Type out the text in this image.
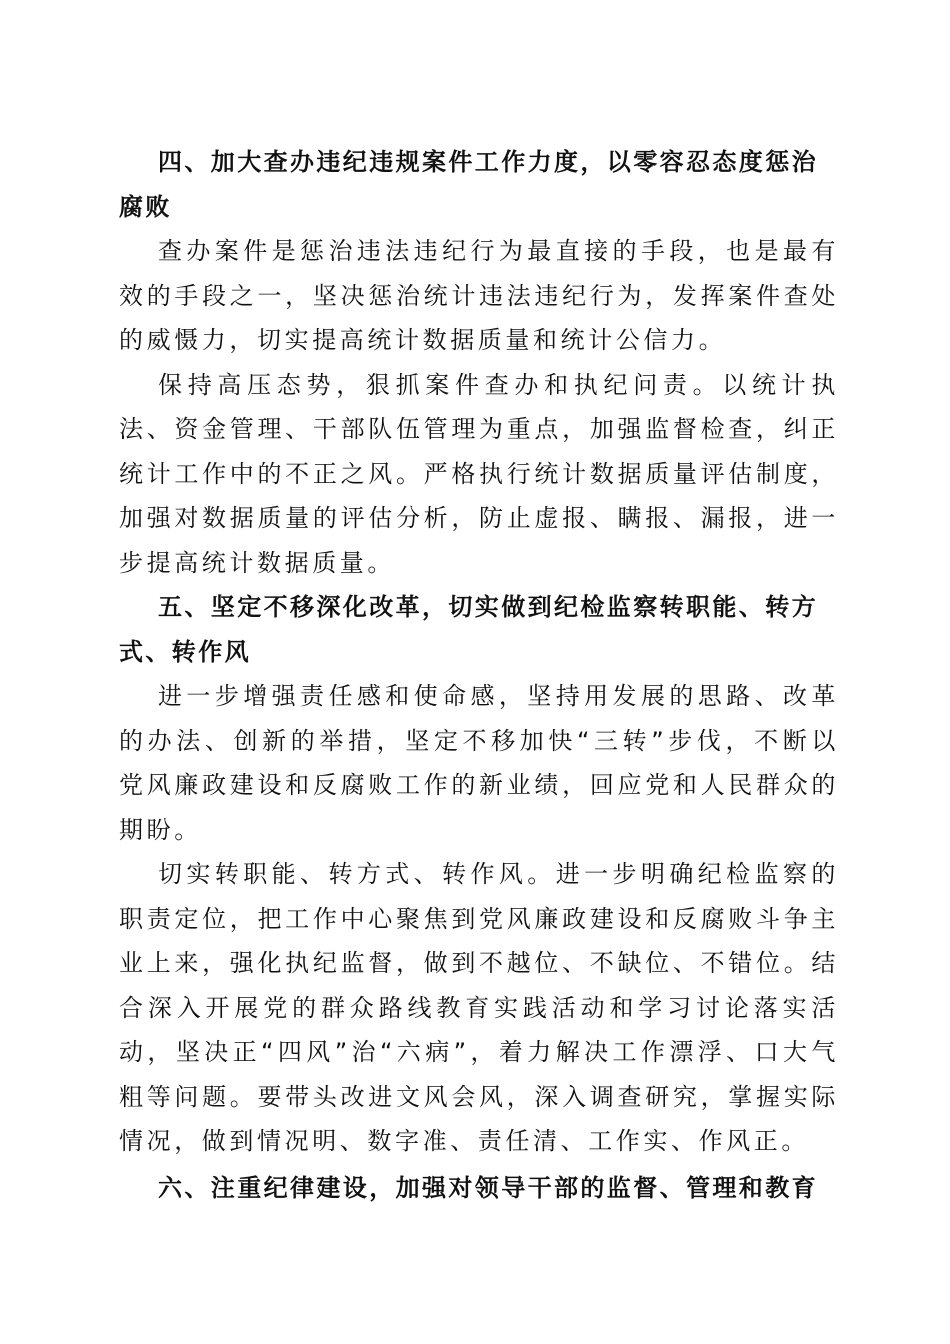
四、加大查办违纪违规案件工作力度，以零容忍态度惩治腐败

查办案件是惩治违法违纪行为最直接的手段，也是最有效的手段之一，坚决惩治统计违法违纪行为，发挥案件查处的威慑力，切实提高统计数据质量和统计公信力。

保持高压态势，狠抓案件查办和执纪问责。以统计执法、资金管理、干部队伍管理为重点，加强监督检查，纠正统计工作中的不正之风。严格执行统计数据质量评估制度，加强对数据质量的评估分析，防止虚报、瞒报、漏报，进一步提高统计数据质量。

五、坚定不移深化改革，切实做到纪检监察转职能、转方式、转作风

进一步增强责任感和使命感，坚持用发展的思路、改革的办法、创新的举措，坚定不移加快“三转”步伐，不断以党风廉政建设和反腐败工作的新业绩，回应党和人民群众的期盼。

切实转职能、转方式、转作风。进一步明确纪检监察的职责定位，把工作中心聚焦到党风廉政建设和反腐败斗争主业上来，强化执纪监督，做到不越位、不缺位、不错位。结合深入开展党的群众路线教育实践活动和学习讨论落实活动，坚决正“四风”治“六病”，着力解决工作漂浮、口大气粗等问题。要带头改进文风会风，深入调查研究，掌握实际情况，做到情况明、数字准、责任清、工作实、作风正。

六、注重纪律建设，加强对领导干部的监督、管理和教育
